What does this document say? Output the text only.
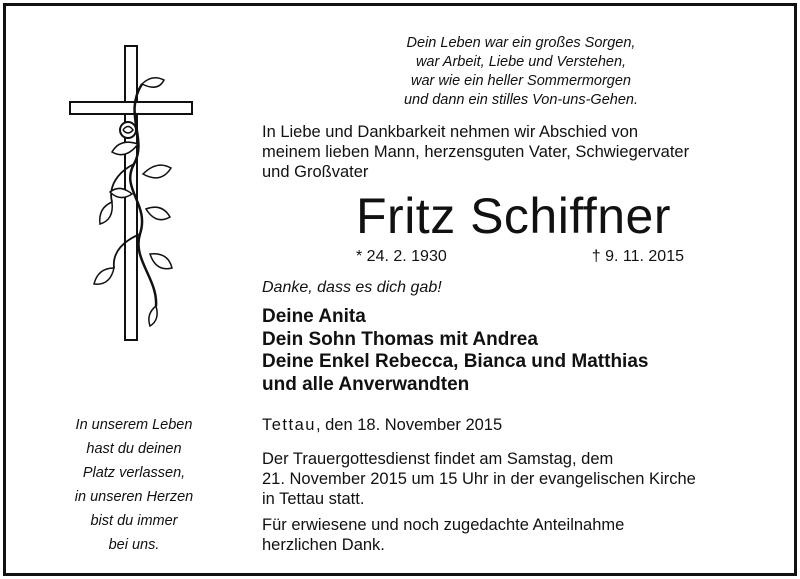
Dein Leben war ein großes Sorgen,
war Arbeit, Liebe und Verstehen,
war wie ein heller Sommermorgen
und dann ein stilles Von-uns-Gehen.
In Liebe und Dankbarkeit nehmen wir Abschied von
meinem lieben Mann, herzensguten Vater, Schwiegervater
und Großvater
Fritz Schiffner
* 24. 2. 1930	† 9. 11. 2015
Danke, dass es dich gab!
Deine Anita
Dein Sohn Thomas mit Andrea
Deine Enkel Rebecca, Bianca und Matthias
und alle Anverwandten
Tettau, den 18. November 2015
Der Trauergottesdienst findet am Samstag, dem
21. November 2015 um 15 Uhr in der evangelischen Kirche
in Tettau statt.
Für erwiesene und noch zugedachte Anteilnahme
herzlichen Dank.
In unserem Leben
hast du deinen
Platz verlassen,
in unseren Herzen
bist du immer
bei uns.
